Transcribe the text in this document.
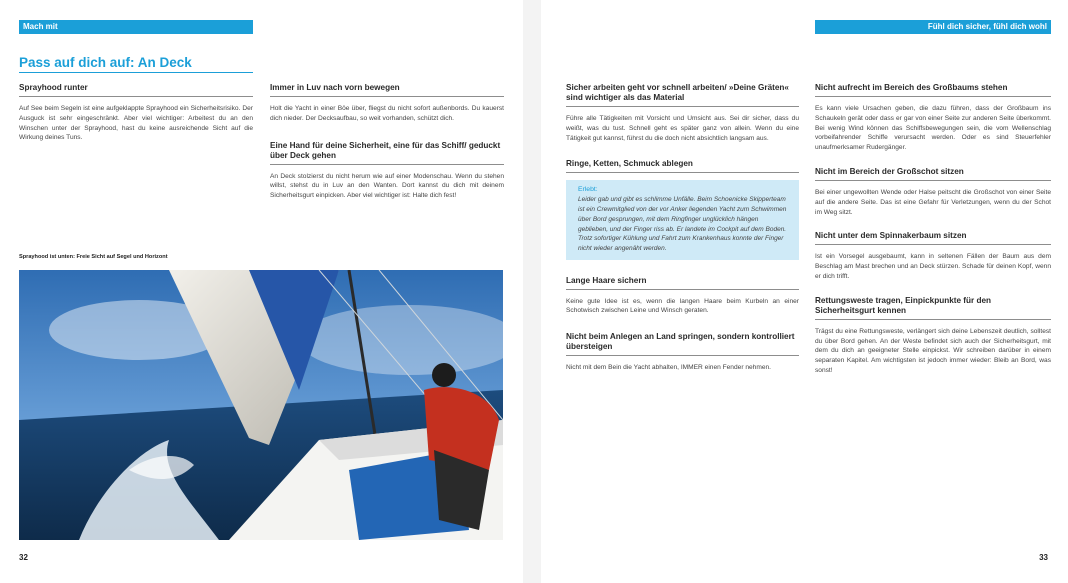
Mach mit
Pass auf dich auf: An Deck
Sprayhood runter

Auf See beim Segeln ist eine aufgeklappte Sprayhood ein Sicherheitsrisiko. Der Ausguck ist sehr eingeschränkt. Aber viel wichtiger: Arbeitest du an den Winschen unter der Sprayhood, hast du keine ausreichende Sicht auf die Wirkung deines Tuns.

Immer in Luv nach vorn bewegen

Holt die Yacht in einer Böe über, fliegst du nicht sofort außenbords. Du kauerst dich nieder. Der Decksaufbau, so weit vorhanden, schützt dich.

Eine Hand für deine Sicherheit, eine für das Schiff/ geduckt über Deck gehen

An Deck stolzierst du nicht herum wie auf einer Modenschau. Wenn du stehen willst, stehst du in Luv an den Wanten. Dort kannst du dich mit deinem Sicherheitsgurt einpicken. Aber viel wichtiger ist: Halte dich fest!

Sprayhood ist unten: Freie Sicht auf Segel und Horizont
32
Fühl dich sicher, fühl dich wohl
Sicher arbeiten geht vor schnell arbeiten/ »Deine Gräten« sind wichtiger als das Material

Führe alle Tätigkeiten mit Vorsicht und Umsicht aus. Sei dir sicher, dass du weißt, was du tust. Schnell geht es später ganz von allein. Wenn du eine Tätigkeit gut kannst, führst du die doch nicht absichtlich langsam aus.

Ringe, Ketten, Schmuck ablegen
Erlebt:
Leider gab und gibt es schlimme Unfälle. Beim Schoenicke Skipperteam ist ein Crewmitglied von der vor Anker liegenden Yacht zum Schwimmen über Bord gesprungen, mit dem Ringfinger unglücklich hängen geblieben, und der Finger riss ab. Er landete im Cockpit auf dem Boden. Trotz sofortiger Kühlung und Fahrt zum Krankenhaus konnte der Finger nicht wieder angenäht werden.
Lange Haare sichern

Keine gute Idee ist es, wenn die langen Haare beim Kurbeln an einer Schotwisch zwischen Leine und Winsch geraten.

Nicht beim Anlegen an Land springen, sondern kontrolliert übersteigen

Nicht mit dem Bein die Yacht abhalten, IMMER einen Fender nehmen.

Nicht aufrecht im Bereich des Großbaums stehen

Es kann viele Ursachen geben, die dazu führen, dass der Großbaum ins Schaukeln gerät oder dass er gar von einer Seite zur anderen Seite überkommt. Bei wenig Wind können das Schiffsbewegungen sein, die vom Wellenschlag vorbeifahrender Schiffe verursacht werden. Oder es sind Steuerfehler unaufmerksamer Rudergänger.

Nicht im Bereich der Großschot sitzen

Bei einer ungewollten Wende oder Halse peitscht die Großschot von einer Seite auf die andere Seite. Das ist eine Gefahr für Verletzungen, wenn du der Schot im Weg sitzt.

Nicht unter dem Spinnakerbaum sitzen

Ist ein Vorsegel ausgebaumt, kann in seltenen Fällen der Baum aus dem Beschlag am Mast brechen und an Deck stürzen. Schade für deinen Kopf, wenn er dich trifft.

Rettungsweste tragen, Einpickpunkte für den Sicherheitsgurt kennen

Trägst du eine Rettungsweste, verlängert sich deine Lebenszeit deutlich, solltest du über Bord gehen. An der Weste befindet sich auch der Sicherheitsgurt, mit dem du dich an geeigneter Stelle einpickst. Wir schreiben darüber in einem separaten Kapitel. Am wichtigsten ist jedoch immer wieder: Bleib an Bord, was sonst!

33
